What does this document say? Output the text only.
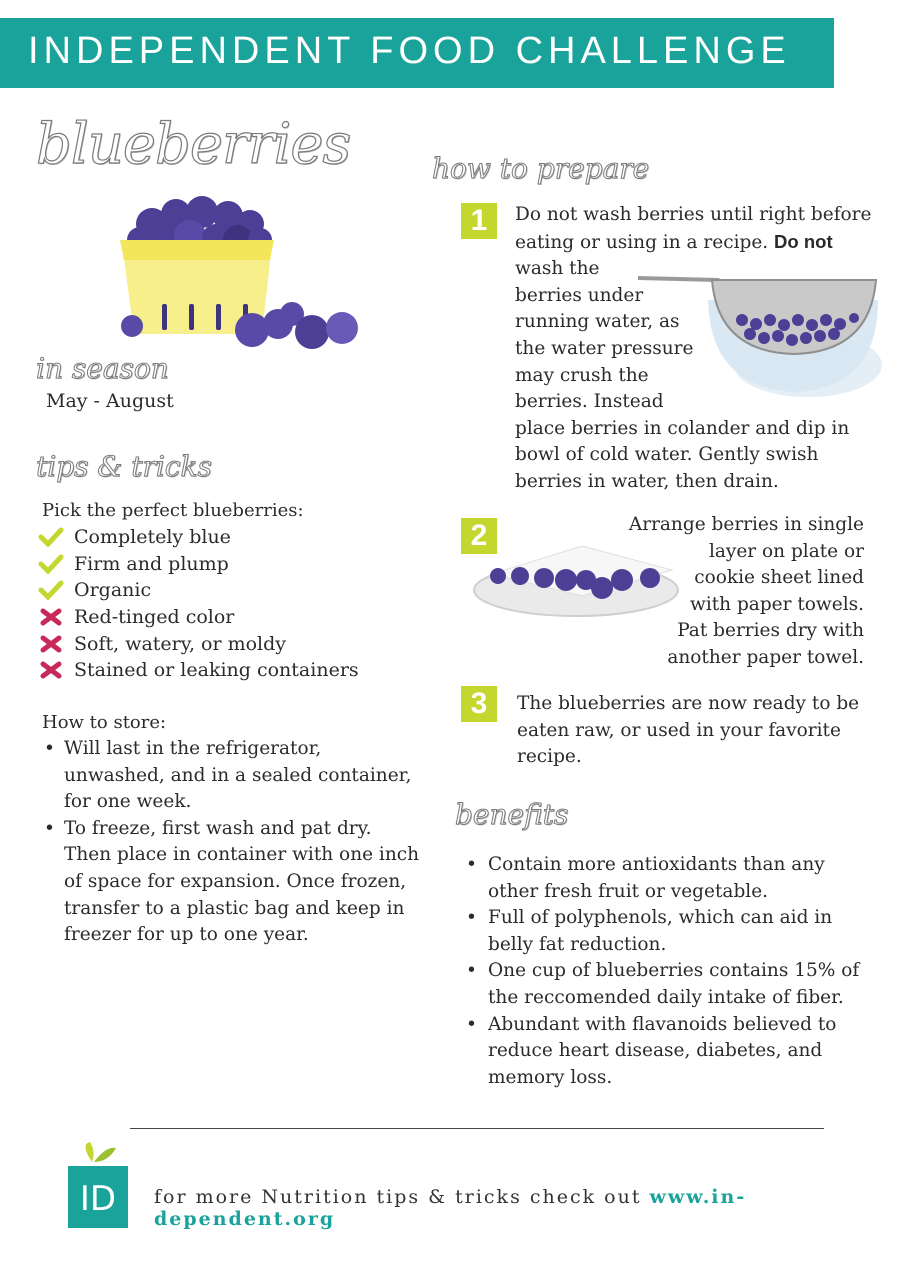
INDEPENDENT FOOD CHALLENGE
blueberries
in season
May - August
tips & tricks
Pick the perfect blueberries:
Completely blue
Firm and plump
Organic
Red-tinged color
Soft, watery, or moldy
Stained or leaking containers
How to store:
• Will last in the refrigerator, unwashed, and in a sealed container, for one week.
• To freeze, first wash and pat dry. Then place in container with one inch of space for expansion. Once frozen, transfer to a plastic bag and keep in freezer for up to one year.
how to prepare
1	Do not wash berries until right before
eating or using in a recipe. Do not
wash the
berries under
running water, as
the water pressure
may crush the
berries. Instead
place berries in colander and dip in
bowl of cold water. Gently swish
berries in water, then drain.
2	Arrange berries in single
layer on plate or
cookie sheet lined
with paper towels.
Pat berries dry with
another paper towel.
3	The blueberries are now ready to be
eaten raw, or used in your favorite
recipe.
benefits
• Contain more antioxidants than any other fresh fruit or vegetable.
• Full of polyphenols, which can aid in belly fat reduction.
• One cup of blueberries contains 15% of the reccomended daily intake of fiber.
• Abundant with flavanoids believed to reduce heart disease, diabetes, and memory loss.
ID for more Nutrition tips & tricks check out www.in-dependent.org
